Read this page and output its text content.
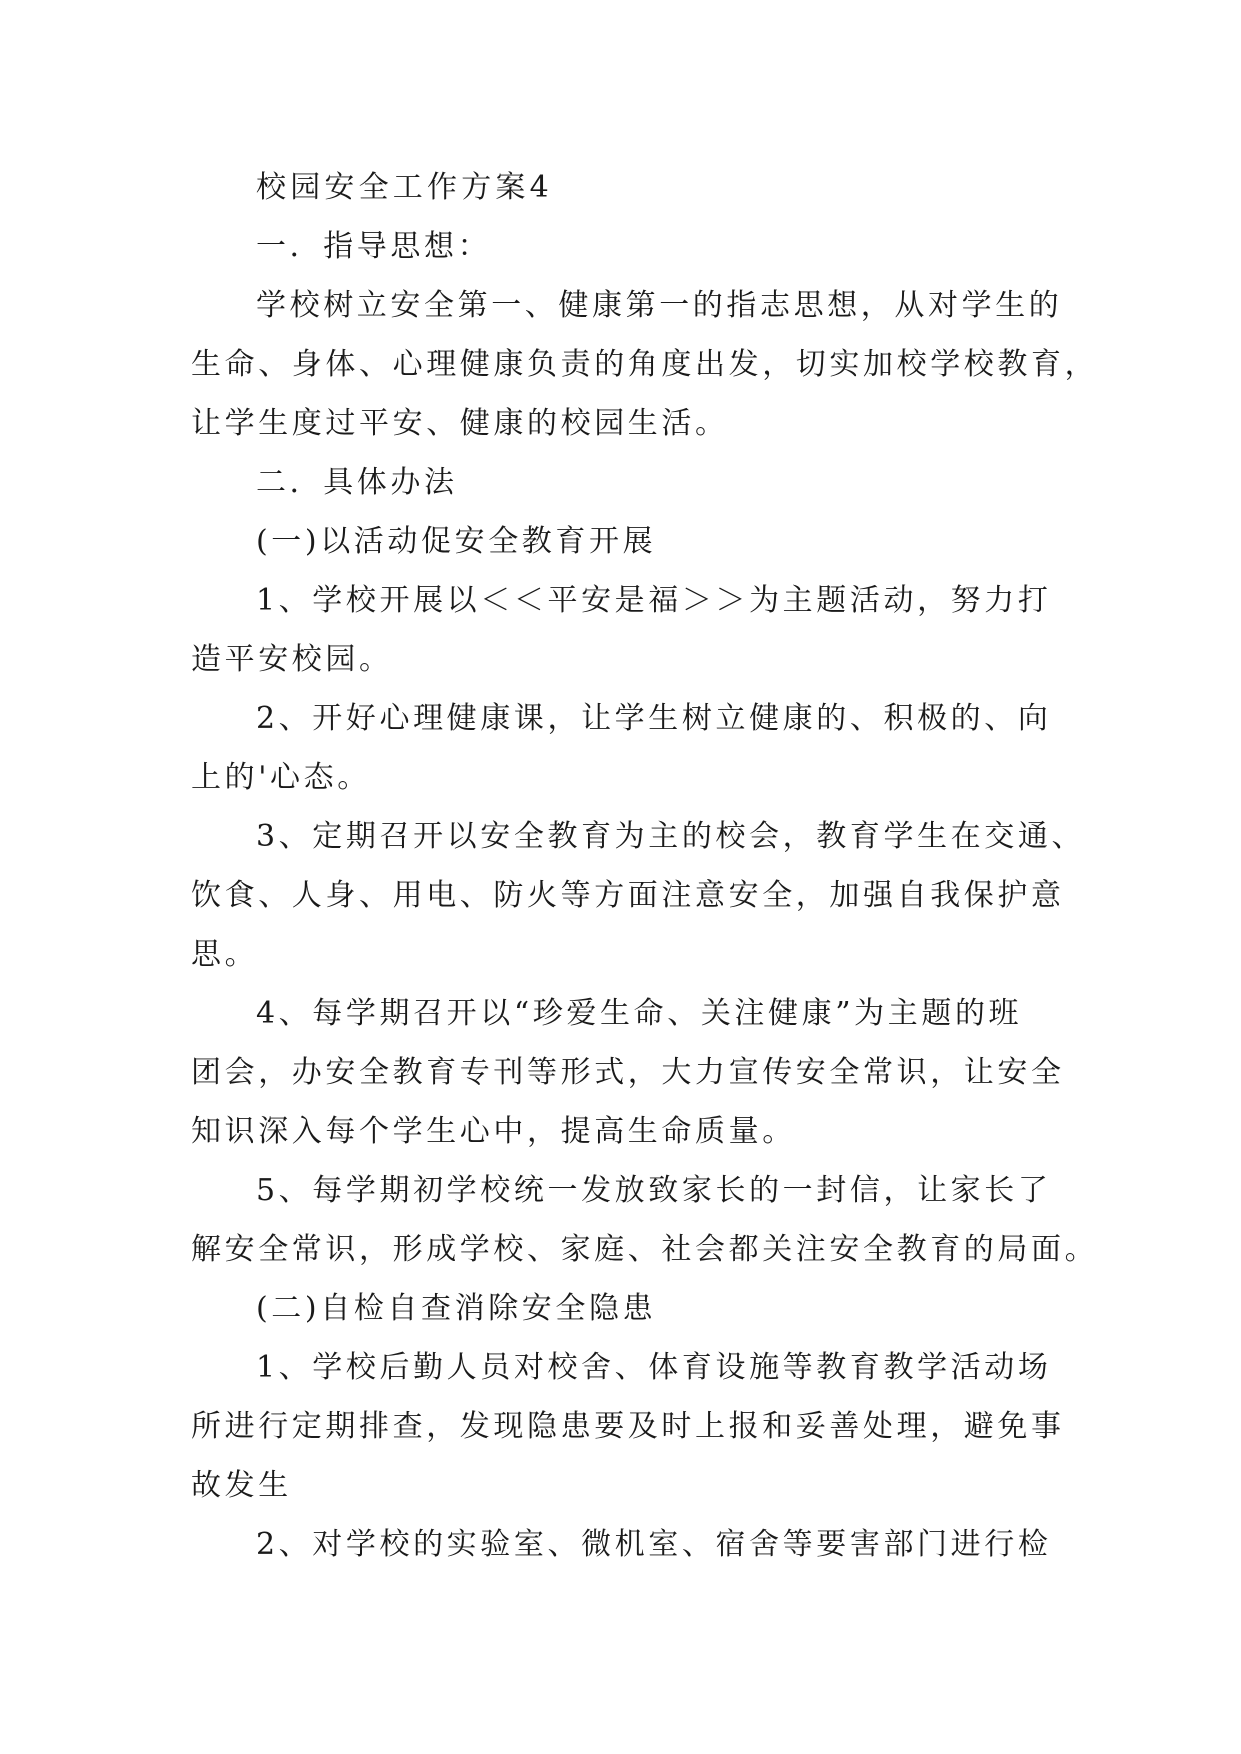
校园安全工作方案4
一．指导思想：
学校树立安全第一、健康第一的指志思想，从对学生的
生命、身体、心理健康负责的角度出发，切实加校学校教育，
让学生度过平安、健康的校园生活。
二．具体办法
(一)以活动促安全教育开展
1、学校开展以＜＜平安是福＞＞为主题活动，努力打
造平安校园。
2、开好心理健康课，让学生树立健康的、积极的、向
上的'心态。
3、定期召开以安全教育为主的校会，教育学生在交通、
饮食、人身、用电、防火等方面注意安全，加强自我保护意
思。
4、每学期召开以“珍爱生命、关注健康”为主题的班
团会，办安全教育专刊等形式，大力宣传安全常识，让安全
知识深入每个学生心中，提高生命质量。
5、每学期初学校统一发放致家长的一封信，让家长了
解安全常识，形成学校、家庭、社会都关注安全教育的局面。
(二)自检自查消除安全隐患
1、学校后勤人员对校舍、体育设施等教育教学活动场
所进行定期排查，发现隐患要及时上报和妥善处理，避免事
故发生
2、对学校的实验室、微机室、宿舍等要害部门进行检
